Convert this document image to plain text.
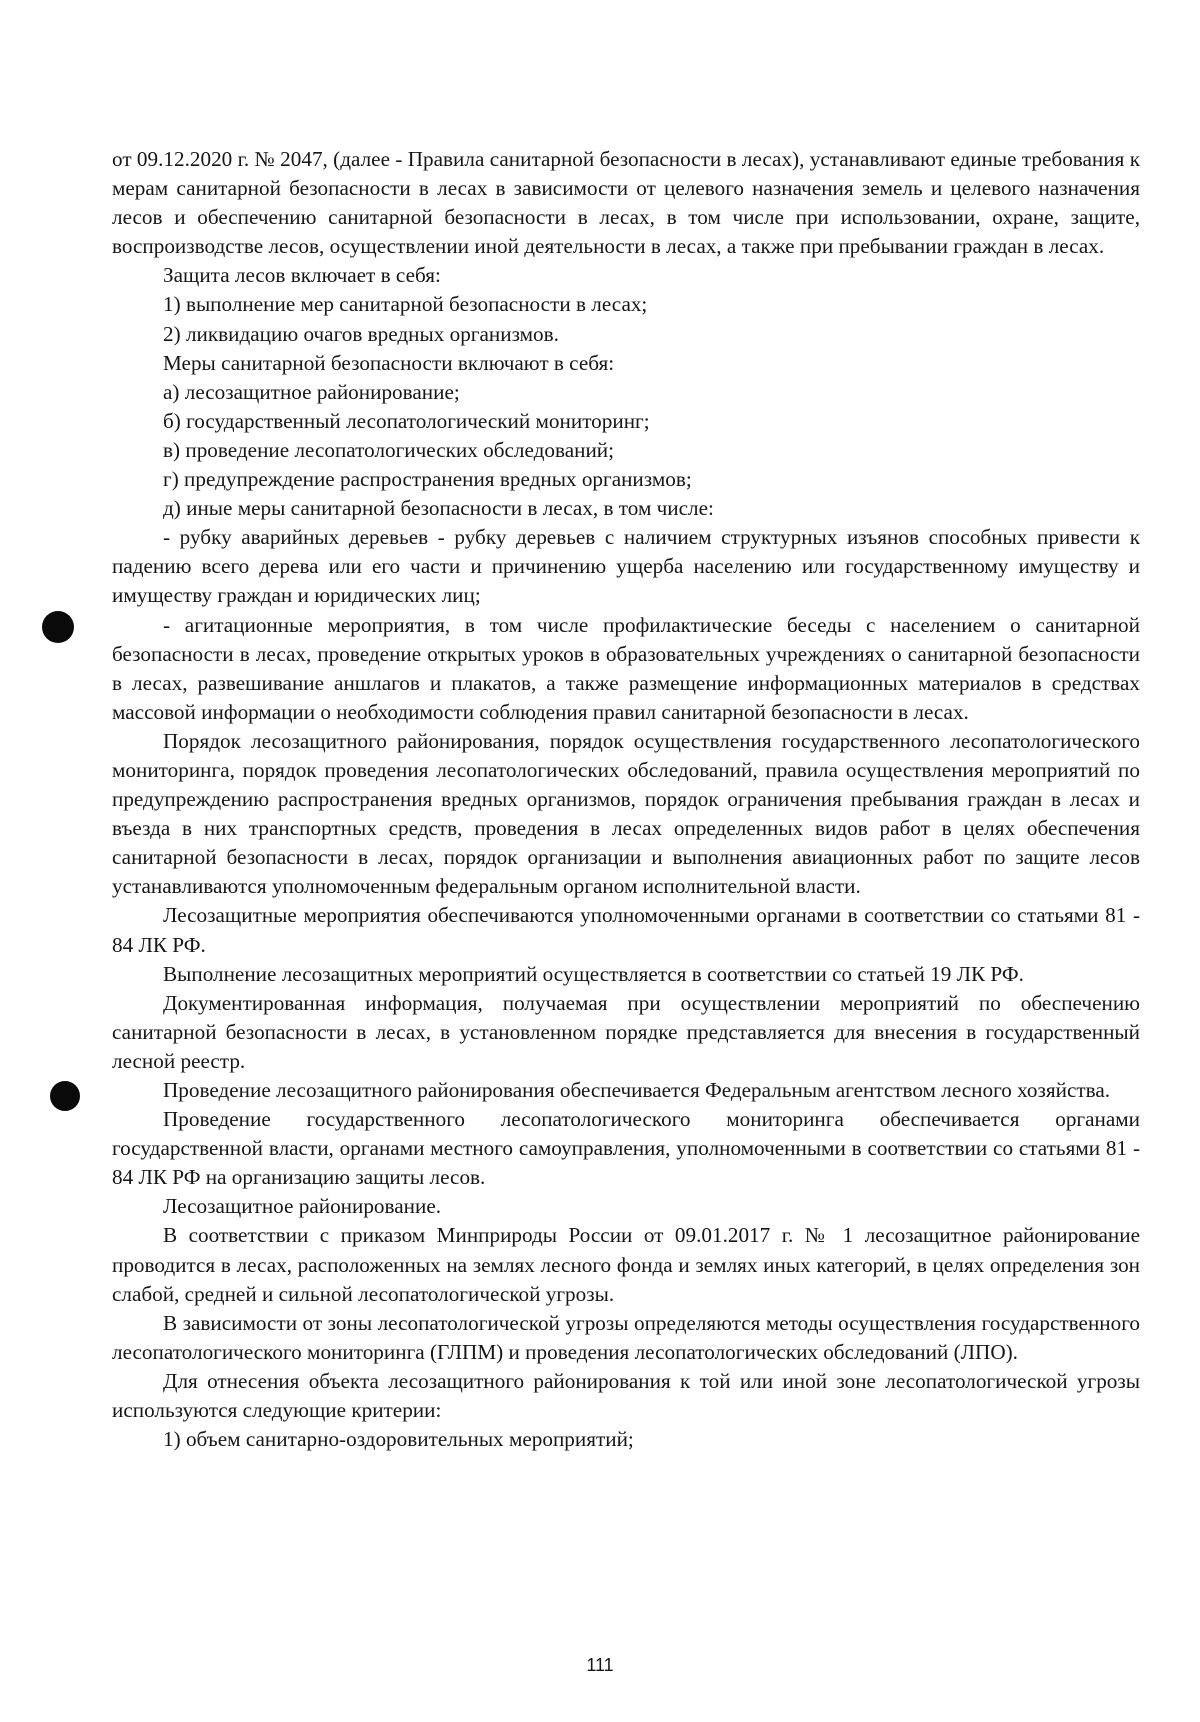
от 09.12.2020 г. № 2047, (далее - Правила санитарной безопасности в лесах), устанавливают единые требования к мерам санитарной безопасности в лесах в зависимости от целевого назначения земель и целевого назначения лесов и обеспечению санитарной безопасности в лесах, в том числе при использовании, охране, защите, воспроизводстве лесов, осуществлении иной деятельности в лесах, а также при пребывании граждан в лесах.

Защита лесов включает в себя:

1) выполнение мер санитарной безопасности в лесах;

2) ликвидацию очагов вредных организмов.

Меры санитарной безопасности включают в себя:

а) лесозащитное районирование;

б) государственный лесопатологический мониторинг;

в) проведение лесопатологических обследований;

г) предупреждение распространения вредных организмов;

д) иные меры санитарной безопасности в лесах, в том числе:

- рубку аварийных деревьев - рубку деревьев с наличием структурных изъянов способных привести к падению всего дерева или его части и причинению ущерба населению или государственному имуществу и имуществу граждан и юридических лиц;

- агитационные мероприятия, в том числе профилактические беседы с населением о санитарной безопасности в лесах, проведение открытых уроков в образовательных учреждениях о санитарной безопасности в лесах, развешивание аншлагов и плакатов, а также размещение информационных материалов в средствах массовой информации о необходимости соблюдения правил санитарной безопасности в лесах.

Порядок лесозащитного районирования, порядок осуществления государственного лесопатологического мониторинга, порядок проведения лесопатологических обследований, правила осуществления мероприятий по предупреждению распространения вредных организмов, порядок ограничения пребывания граждан в лесах и въезда в них транспортных средств, проведения в лесах определенных видов работ в целях обеспечения санитарной безопасности в лесах, порядок организации и выполнения авиационных работ по защите лесов устанавливаются уполномоченным федеральным органом исполнительной власти.

Лесозащитные мероприятия обеспечиваются уполномоченными органами в соответствии со статьями 81 - 84 ЛК РФ.

Выполнение лесозащитных мероприятий осуществляется в соответствии со статьей 19 ЛК РФ.

Документированная информация, получаемая при осуществлении мероприятий по обеспечению санитарной безопасности в лесах, в установленном порядке представляется для внесения в государственный лесной реестр.

Проведение лесозащитного районирования обеспечивается Федеральным агентством лесного хозяйства.

Проведение государственного лесопатологического мониторинга обеспечивается органами государственной власти, органами местного самоуправления, уполномоченными в соответствии со статьями 81 - 84 ЛК РФ на организацию защиты лесов.

Лесозащитное районирование.

В соответствии с приказом Минприроды России от 09.01.2017 г. № 1 лесозащитное районирование проводится в лесах, расположенных на землях лесного фонда и землях иных категорий, в целях определения зон слабой, средней и сильной лесопатологической угрозы.

В зависимости от зоны лесопатологической угрозы определяются методы осуществления государственного лесопатологического мониторинга (ГЛПМ) и проведения лесопатологических обследований (ЛПО).

Для отнесения объекта лесозащитного районирования к той или иной зоне лесопатологической угрозы используются следующие критерии:

1) объем санитарно-оздоровительных мероприятий;

111
